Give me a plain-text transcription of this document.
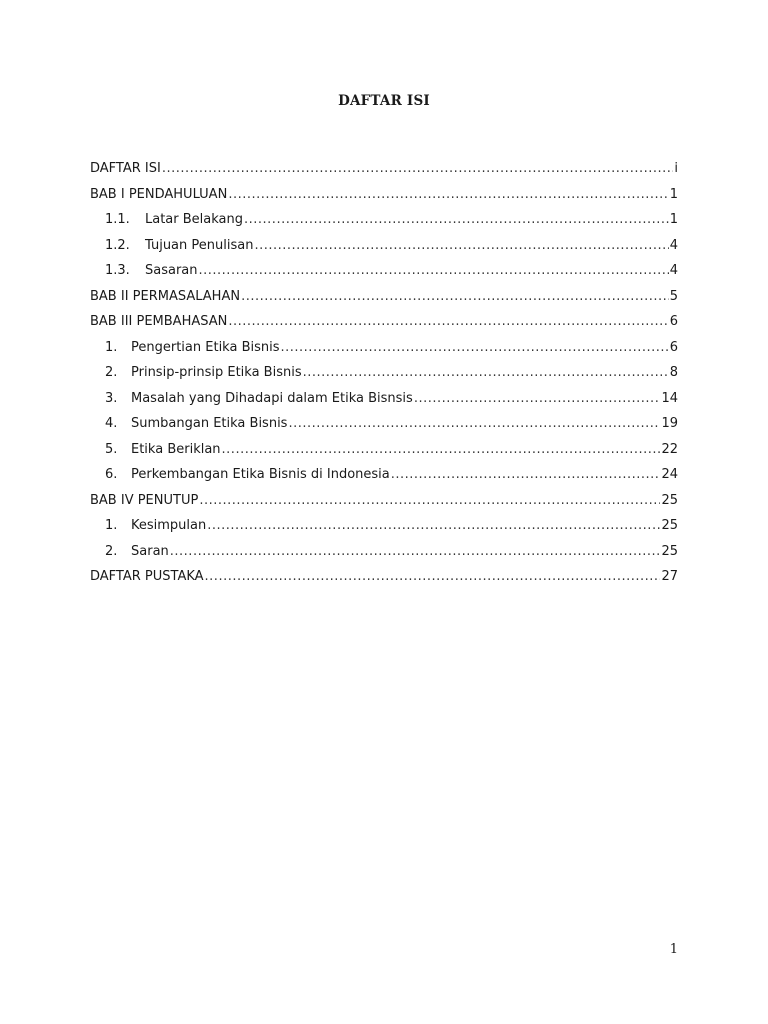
DAFTAR ISI
DAFTAR ISI .....	i
BAB I PENDAHULUAN .....	1
1.1.	Latar Belakang .....	1
1.2.	Tujuan Penulisan .....	4
1.3.	Sasaran .....	4
BAB II PERMASALAHAN .....	5
BAB III PEMBAHASAN .....	6
1.	Pengertian Etika Bisnis .....	6
2.	Prinsip-prinsip Etika Bisnis .....	8
3.	Masalah yang Dihadapi dalam Etika Bisnsis .....	14
4.	Sumbangan Etika Bisnis .....	19
5.	Etika Beriklan .....	22
6.	Perkembangan Etika Bisnis di Indonesia .....	24
BAB IV PENUTUP .....	25
1.	Kesimpulan .....	25
2.	Saran .....	25
DAFTAR PUSTAKA .....	27
1
